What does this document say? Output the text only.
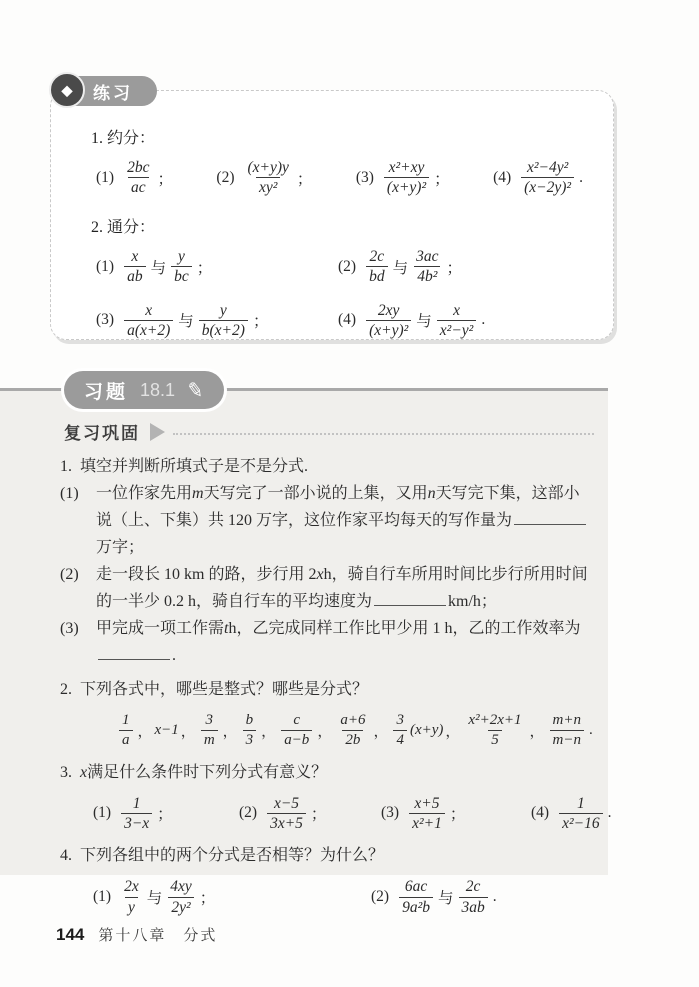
◆	练习
1. 约分：
$(1) \frac{2bc}{ac}$ ；	$(2) \frac{(x+y)y}{\text{xy²}}$ ；	$(3) \frac{\text{x²+xy}}{\text{(x+y)²}}$ ；	$(4) \frac{\text{x²−4y²}}{\text{(x−2y)²}}$ .
2. 通分：
$(1) \frac{x}{ab}$ 与 $\frac{y}{bc}$ ；	$(2) \frac{2c}{bd}$ 与 $\frac{3ac}{\text{4b²}}$ ；
$(3) \frac{x}{a(x+2)}$ 与 $\frac{y}{b(x+2)}$ ；	$(4) \frac{2xy}{\text{(x+y)²}}$ 与 $\frac{x}{\text{x²−y²}}$ .
习题 18.1 ✎
复习巩固
1. 填空并判断所填式子是不是分式.
(1)	一位作家先用 m 天写完了一部小说的上集，又用 n 天写完下集，这部小
说（上、下集）共 120 万字，这位作家平均每天的写作量为
万字；
(2)	走一段长 10 km 的路，步行用 2 x h，骑自行车所用时间比步行所用时间
的一半少 0.2 h，骑自行车的平均速度为	km/h；
(3)	甲完成一项工作需 t h，乙完成同样工作比甲少用 1 h，乙的工作效率为
.
2. 下列各式中，哪些是整式？哪些是分式？
$\frac{1}{a}$ ， x−1 ， $\frac{3}{m}$ ， $\frac{b}{3}$ ， $\frac{c}{a-b}$ ， $\frac{a+6}{2b}$ ， $\frac{3}{4} (x+y)$ ， $\frac{\text{x²+2x+1}}{5}$ ， $\frac{m+n}{m-n}$ .
3. x 满足什么条件时下列分式有意义？
$(1) \frac{1}{3-x}$ ；	$(2) \frac{x-5}{3x+5}$ ；	$(3) \frac{x+5}{\text{x²+1}}$ ；	$(4) \frac{1}{\text{x²−16}}$ .
4. 下列各组中的两个分式是否相等？为什么？
$(1) \frac{2x}{y}$ 与 $\frac{4xy}{\text{2y²}}$ ；	$(2) \frac{6ac}{\text{9a²b}}$ 与 $\frac{2c}{3ab}$ .
144 第十八章　分式
